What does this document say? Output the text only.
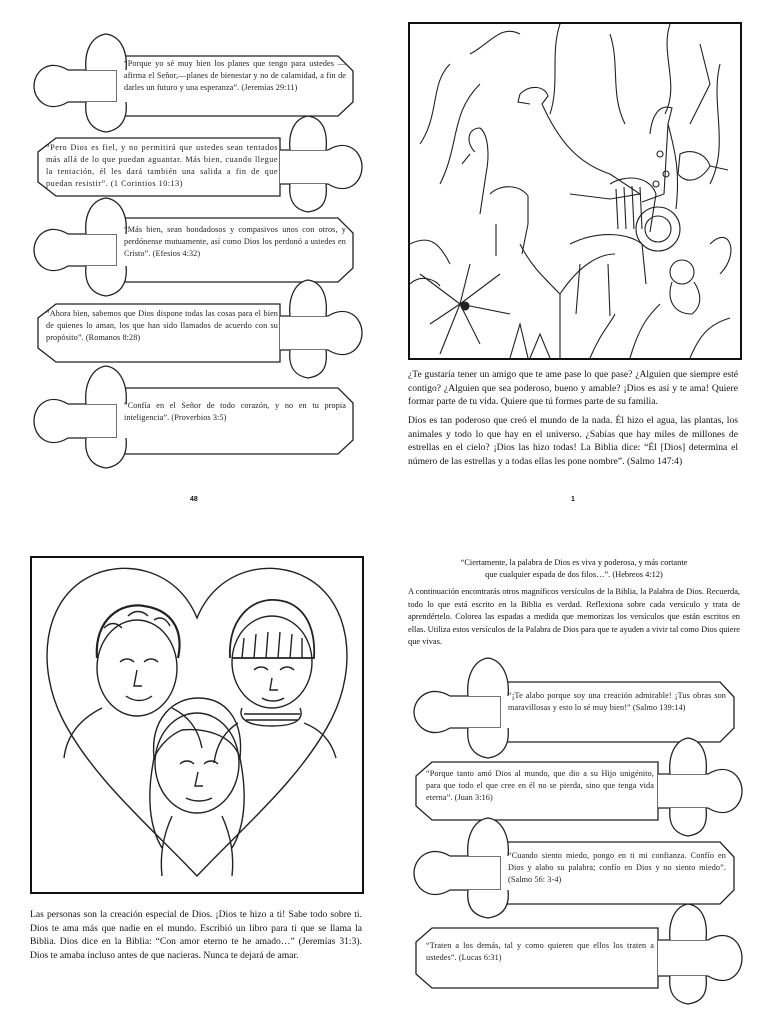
“Porque yo sé muy bien los planes que tengo para ustedes —afirma el Señor,—planes de bienestar y no de calamidad, a fin de darles un futuro y una esperanza”. (Jeremías 29:11)
“Pero Dios es fiel, y no permitirá que ustedes sean tentados más allá de lo que puedan aguantar. Más bien, cuando llegue la tentación, él les dará también una salida a fin de que puedan resistir”. (1 Corintios 10:13)
“Más bien, sean bondadosos y compasivos unos con otros, y perdónense mutuamente, así como Dios los perdonó a ustedes en Cristo”. (Efesios 4:32)
“Ahora bien, sabemos que Dios dispone todas las cosas para el bien de quienes lo aman, los que han sido llamados de acuerdo con su propósito”. (Romanos 8:28)
“Confía en el Señor de todo corazón, y no en tu propia inteligencia”. (Proverbios 3:5)
48

¿Te gustaría tener un amigo que te ame pase lo que pase? ¿Alguien que siempre esté contigo? ¿Alguien que sea poderoso, bueno y amable? ¡Dios es así y te ama! Quiere formar parte de tu vida. Quiere que tú formes parte de su familia.

Dios es tan poderoso que creó el mundo de la nada. Él hizo el agua, las plantas, los animales y todo lo que hay en el universo. ¿Sabías que hay miles de millones de estrellas en el cielo? ¡Dios las hizo todas! La Biblia dice: “Él [Dios] determina el número de las estrellas y a todas ellas les pone nombre”. (Salmo 147:4)

1

Las personas son la creación especial de Dios. ¡Dios te hizo a ti! Sabe todo sobre ti. Dios te ama más que nadie en el mundo. Escribió un libro para ti que se llama la Biblia. Dios dice en la Biblia: “Con amor eterno te he amado…” (Jeremías 31:3). Dios te amaba incluso antes de que nacieras. Nunca te dejará de amar.

“Ciertamente, la palabra de Dios es viva y poderosa, y más cortante
que cualquier espada de dos filos…”. (Hebreos 4:12)

A continuación encontrarás otros magníficos versículos de la Biblia, la Palabra de Dios. Recuerda, todo lo que está escrito en la Biblia es verdad. Reflexiona sobre cada versículo y trata de aprendértelo. Colorea las espadas a medida que memorizas los versículos que están escritos en ellas. Utiliza estos versículos de la Palabra de Dios para que te ayuden a vivir tal como Dios quiere que vivas.

“¡Te alabo porque soy una creación admirable! ¡Tus obras son maravillosas y esto lo sé muy bien!” (Salmo 139:14)
“Porque tanto amó Dios al mundo, que dio a su Hijo unigénito, para que todo el que cree en él no se pierda, sino que tenga vida eterna”. (Juan 3:16)
“Cuando siento miedo, pongo en ti mi confianza. Confío en Dios y alabo su palabra; confío en Dios y no siento miedo”. (Salmo 56: 3-4)
“Traten a los demás, tal y como quieren que ellos los traten a ustedes”. (Lucas 6:31)
